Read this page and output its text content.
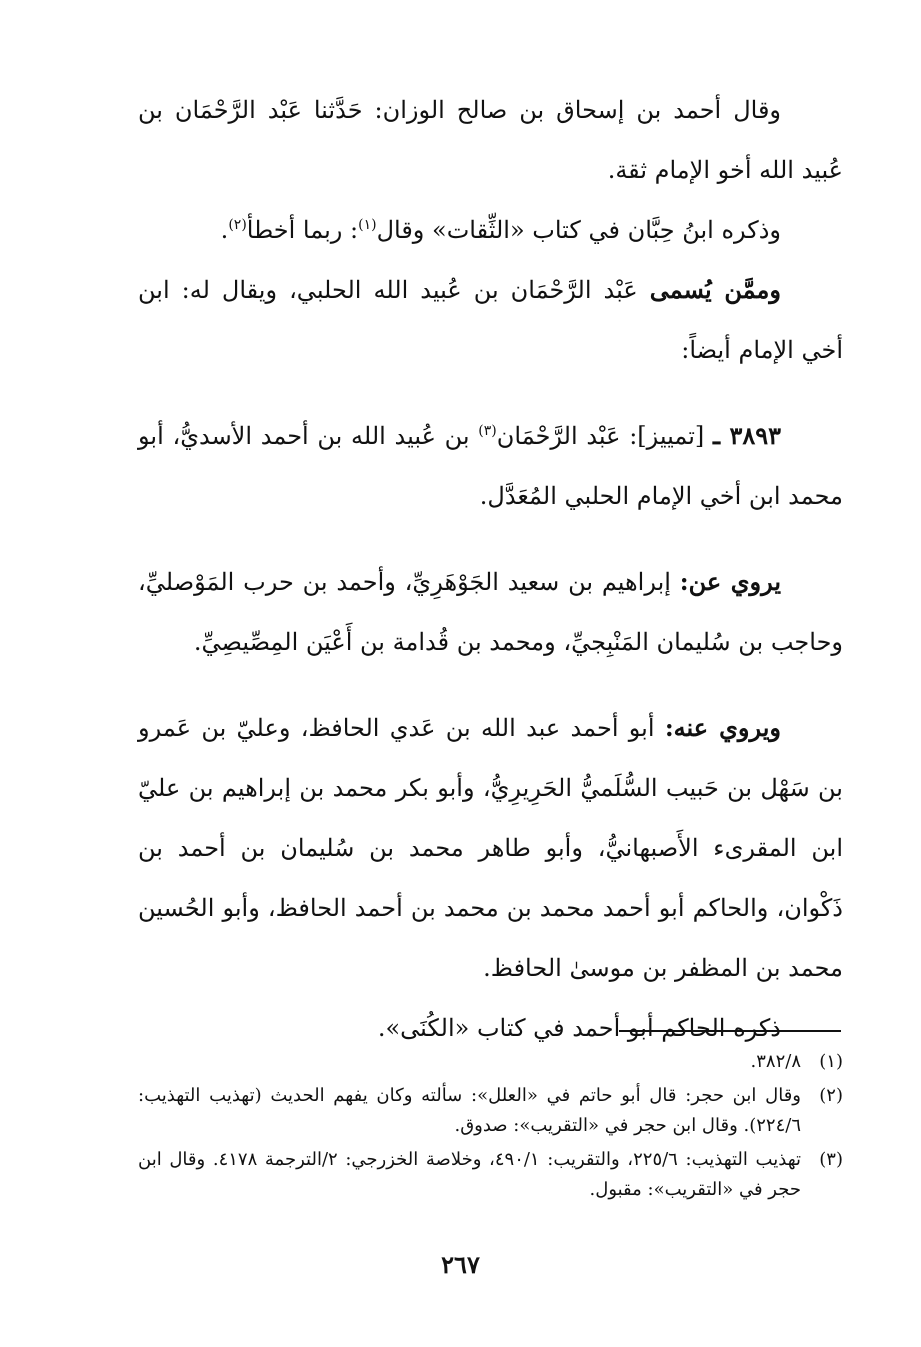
وقال أحمد بن إسحاق بن صالح الوزان: حَدَّثنا عَبْد الرَّحْمَان بن عُبيد الله أخو الإمام ثقة.

وذكره ابنُ حِبَّان في كتاب «الثِّقات» وقال$^{(١)}$: ربما أخطأ$^{(٢)}$.

وممَّن يُسمى عَبْد الرَّحْمَان بن عُبيد الله الحلبي، ويقال له: ابن أخي الإمام أيضاً:

٣٨٩٣ ـ [تمييز]: عَبْد الرَّحْمَان$^{(٣)}$ بن عُبيد الله بن أحمد الأسديُّ، أبو محمد ابن أخي الإمام الحلبي المُعَدَّل.

يروي عن: إبراهيم بن سعيد الجَوْهَرِيِّ، وأحمد بن حرب المَوْصليِّ، وحاجب بن سُليمان المَنْبِجيِّ، ومحمد بن قُدامة بن أَعْيَن المِصِّيصِيِّ.

ويروي عنه: أبو أحمد عبد الله بن عَدي الحافظ، وعليّ بن عَمرو بن سَهْل بن حَبيب السُّلَميُّ الحَرِيرِيُّ، وأبو بكر محمد بن إبراهيم بن عليّ ابن المقرىء الأَصبهانيُّ، وأبو طاهر محمد بن سُليمان بن أحمد بن ذَكْوان، والحاكم أبو أحمد محمد بن محمد بن أحمد الحافظ، وأبو الحُسين محمد بن المظفر بن موسىٰ الحافظ.

ذكره الحاكم أبو أحمد في كتاب «الكُنَى».

(١)
٣٨٢/٨.

(٢)
وقال ابن حجر: قال أبو حاتم في «العلل»: سألته وكان يفهم الحديث (تهذيب التهذيب: ٢٢٤/٦). وقال ابن حجر في «التقريب»: صدوق.

(٣)
تهذيب التهذيب: ٢٢٥/٦، والتقريب: ٤٩٠/١، وخلاصة الخزرجي: ٢/الترجمة ٤١٧٨. وقال ابن حجر في «التقريب»: مقبول.

٢٦٧
